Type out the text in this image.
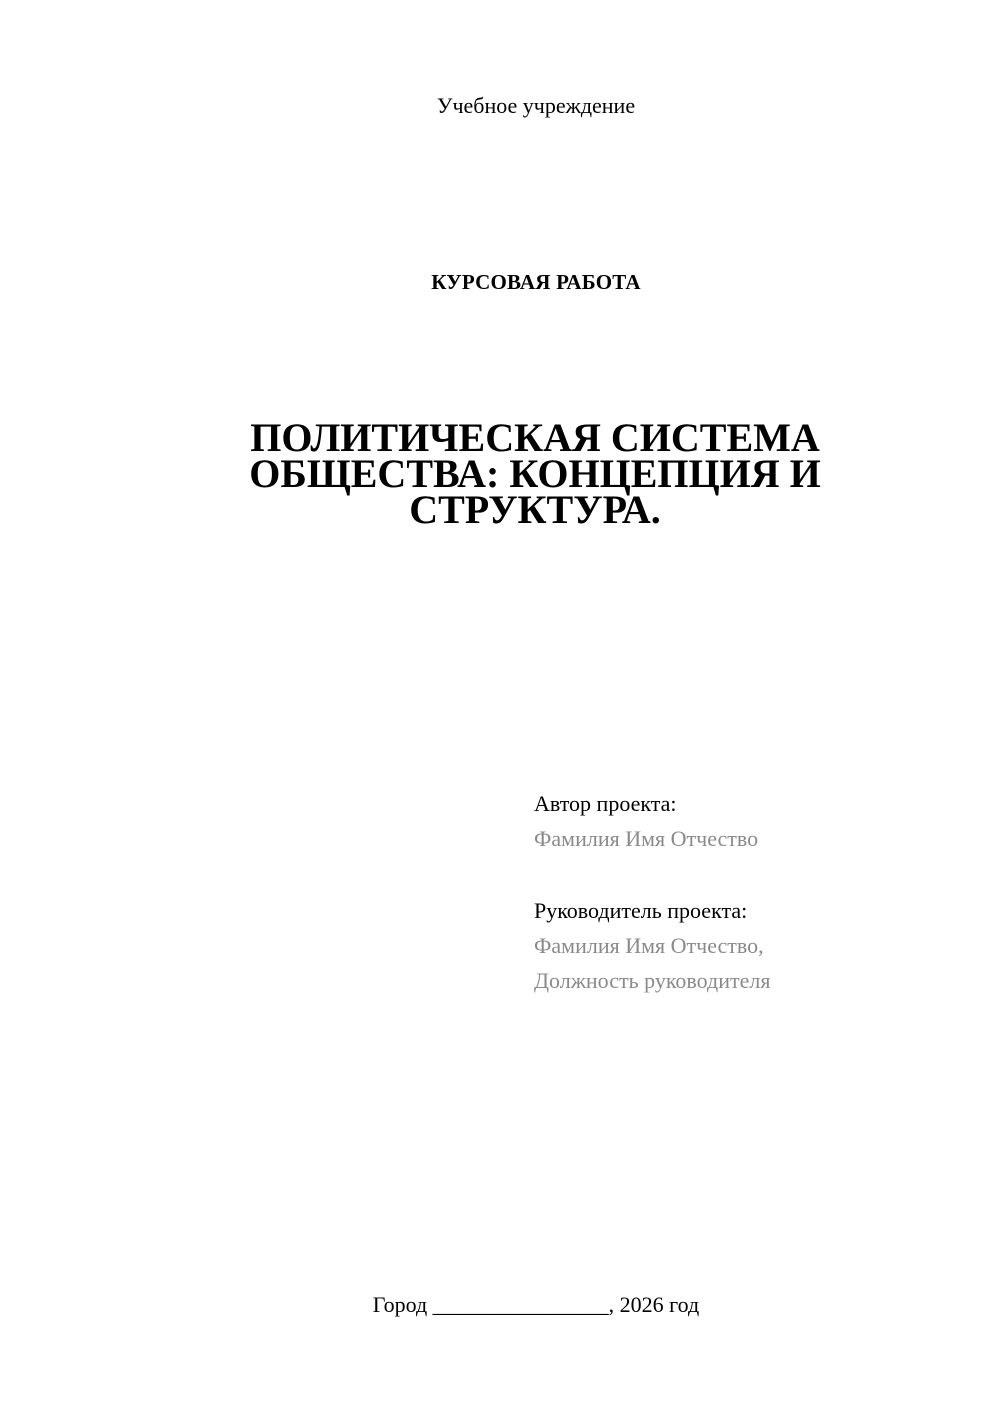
Учебное учреждение
КУРСОВАЯ РАБОТА
ПОЛИТИЧЕСКАЯ СИСТЕМА
ОБЩЕСТВА: КОНЦЕПЦИЯ И
СТРУКТУРА.
Автор проекта:
Фамилия Имя Отчество
Руководитель проекта:
Фамилия Имя Отчество,
Должность руководителя
Город ________________, 2026 год
